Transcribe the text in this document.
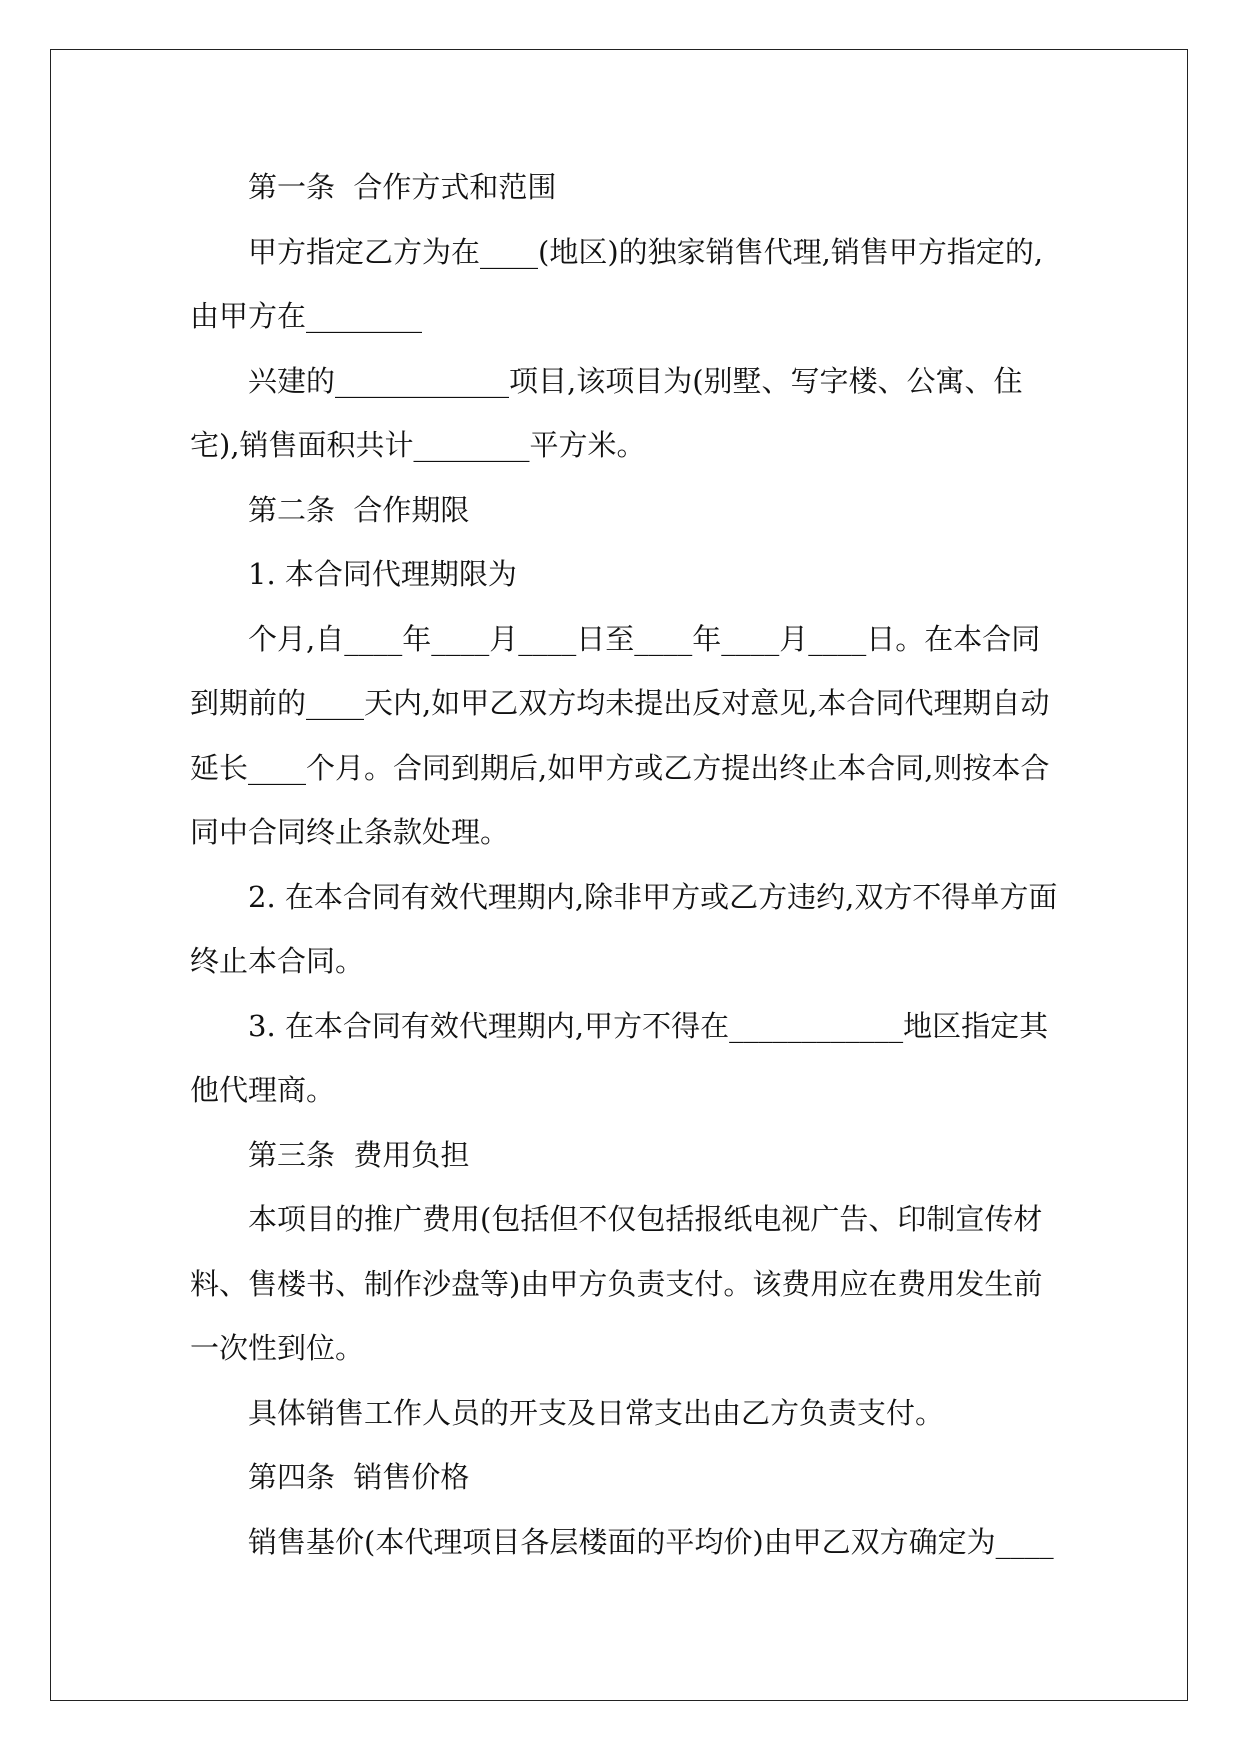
第一条  合作方式和范围

甲方指定乙方为在____(地区)的独家销售代理,销售甲方指定的,由甲方在________

兴建的____________项目,该项目为(别墅、写字楼、公寓、住宅),销售面积共计________平方米。

第二条  合作期限

1. 本合同代理期限为

个月,自____年____月____日至____年____月____日。在本合同到期前的____天内,如甲乙双方均未提出反对意见,本合同代理期自动延长____个月。合同到期后,如甲方或乙方提出终止本合同,则按本合同中合同终止条款处理。

2. 在本合同有效代理期内,除非甲方或乙方违约,双方不得单方面终止本合同。

3. 在本合同有效代理期内,甲方不得在____________地区指定其他代理商。

第三条  费用负担

本项目的推广费用(包括但不仅包括报纸电视广告、印制宣传材料、售楼书、制作沙盘等)由甲方负责支付。该费用应在费用发生前一次性到位。

具体销售工作人员的开支及日常支出由乙方负责支付。

第四条  销售价格

销售基价(本代理项目各层楼面的平均价)由甲乙双方确定为____
